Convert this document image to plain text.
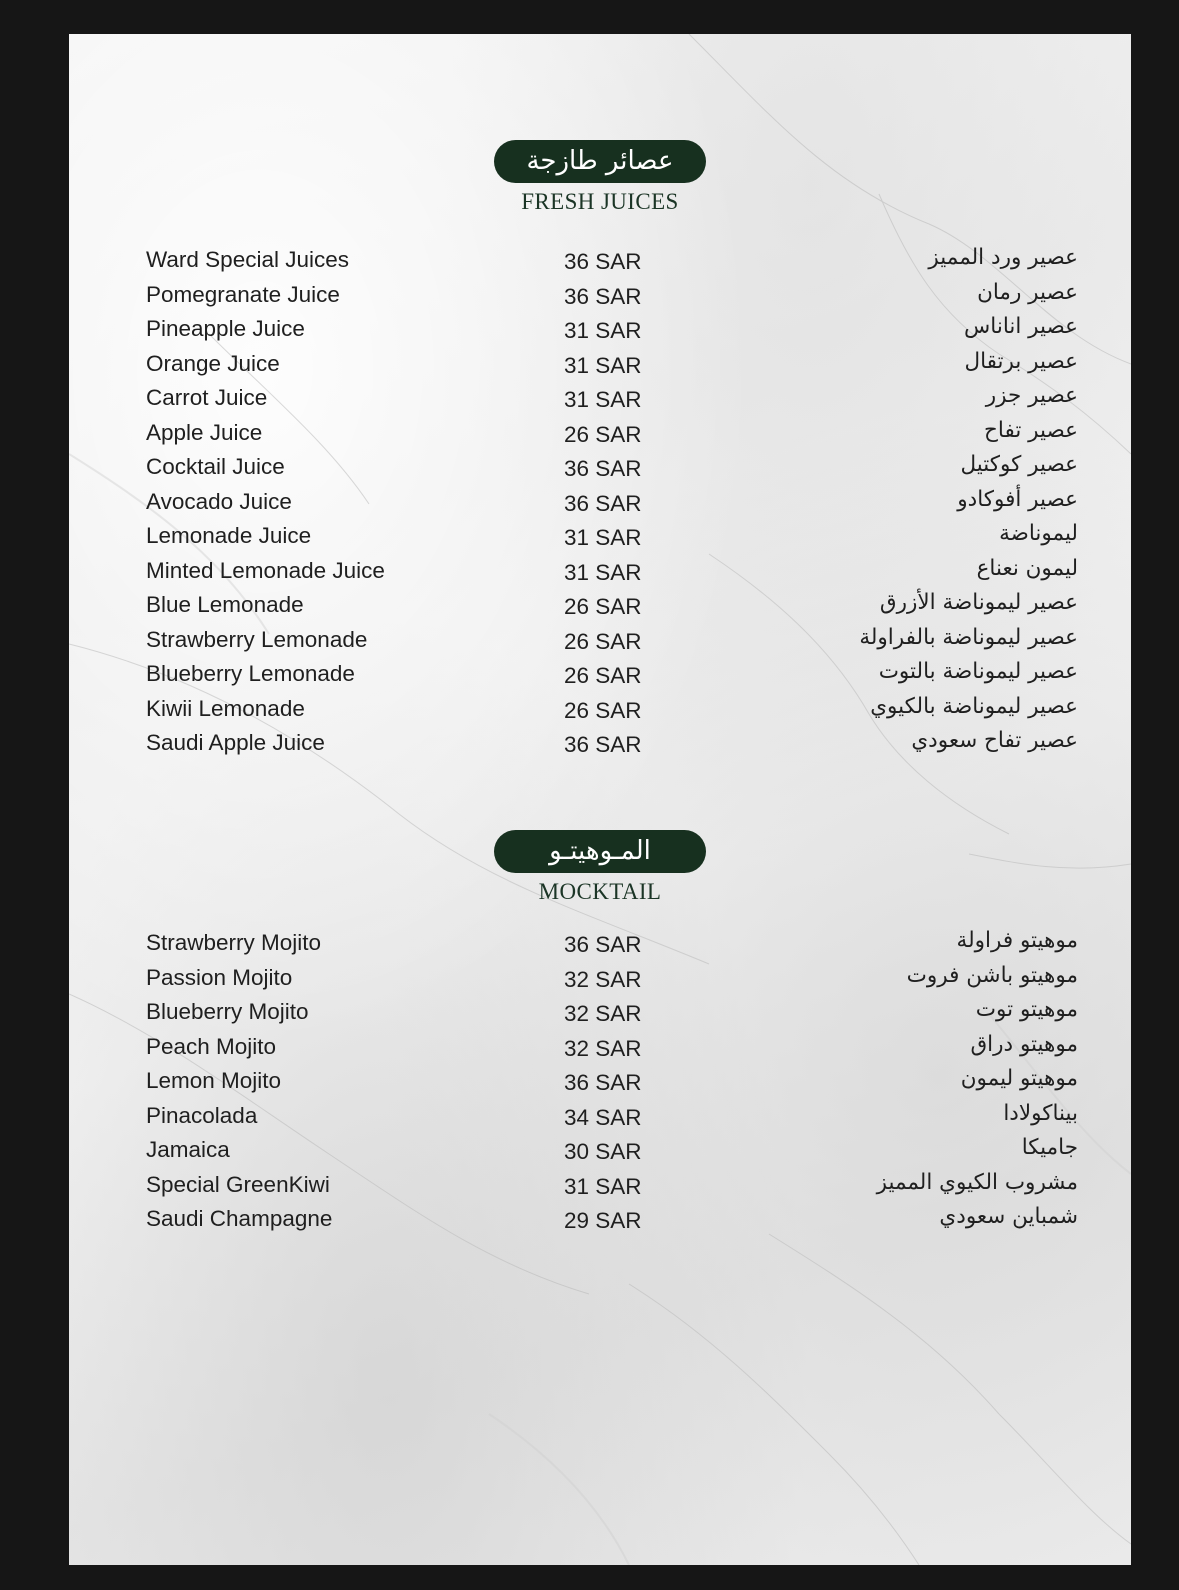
عصائر طازجة
FRESH JUICES
Ward Special Juices	36 SAR	عصير ورد المميز
Pomegranate Juice	36 SAR	عصير رمان
Pineapple Juice	31 SAR	عصير اناناس
Orange Juice	31 SAR	عصير برتقال
Carrot Juice	31 SAR	عصير جزر
Apple Juice	26 SAR	عصير تفاح
Cocktail Juice	36 SAR	عصير كوكتيل
Avocado Juice	36 SAR	عصير أفوكادو
Lemonade Juice	31 SAR	ليموناضة
Minted Lemonade Juice	31 SAR	ليمون نعناع
Blue Lemonade	26 SAR	عصير ليموناضة الأزرق
Strawberry Lemonade	26 SAR	عصير ليموناضة بالفراولة
Blueberry Lemonade	26 SAR	عصير ليموناضة بالتوت
Kiwii Lemonade	26 SAR	عصير ليموناضة بالكيوي
Saudi Apple Juice	36 SAR	عصير تفاح سعودي
المـوهيتـو
MOCKTAIL
Strawberry Mojito	36 SAR	موهيتو فراولة
Passion Mojito	32 SAR	موهيتو باشن فروت
Blueberry Mojito	32 SAR	موهيتو توت
Peach Mojito	32 SAR	موهيتو دراق
Lemon Mojito	36 SAR	موهيتو ليمون
Pinacolada	34 SAR	بيناكولادا
Jamaica	30 SAR	جاميكا
Special GreenKiwi	31 SAR	مشروب الكيوي المميز
Saudi Champagne	29 SAR	شمباين سعودي
